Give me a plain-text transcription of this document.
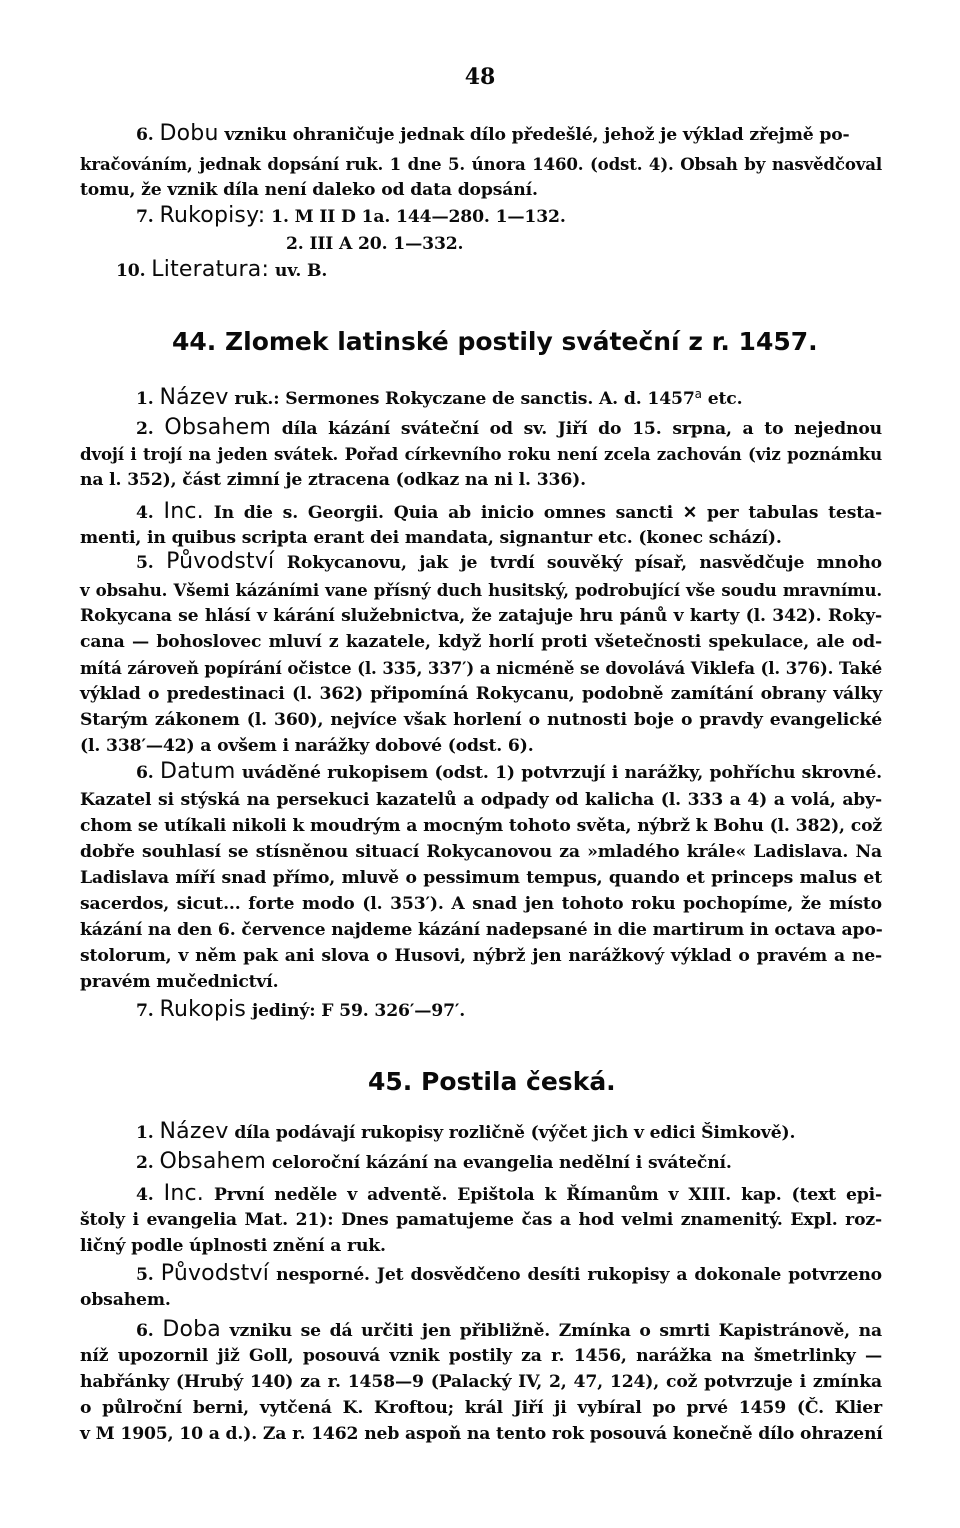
48
6. Dobu vzniku ohraničuje jednak dílo předešlé, jehož je výklad zřejmě po-
kračováním, jednak dopsání ruk. 1 dne 5. února 1460. (odst. 4). Obsah by nasvědčoval
tomu, že vznik díla není daleko od data dopsání.
7. Rukopisy: 1. M II D 1a. 144—280. 1—132.
2. III A 20. 1—332.
10. Literatura: uv. B.
44. Zlomek latinské postily sváteční z r. 1457.
1. Název ruk.: Sermones Rokyczane de sanctis. A. d. 1457$^a$ etc.
2. Obsahem díla kázání sváteční od sv. Jiří do 15. srpna, a to nejednou
dvojí i trojí na jeden svátek. Pořad církevního roku není zcela zachován (viz poznámku
na l. 352), část zimní je ztracena (odkaz na ni l. 336).
4. Inc. In die s. Georgii. Quia ab inicio omnes sancti ✕ per tabulas testa-
menti, in quibus scripta erant dei mandata, signantur etc. (konec schází).
5. Původství Rokycanovu, jak je tvrdí souvěký písař, nasvědčuje mnoho
v obsahu. Všemi kázáními vane přísný duch husitský, podrobující vše soudu mravnímu.
Rokycana se hlásí v kárání služebnictva, že zatajuje hru pánů v karty (l. 342). Roky-
cana — bohoslovec mluví z kazatele, když horlí proti všetečnosti spekulace, ale od-
mítá zároveň popírání očistce (l. 335, 337′) a nicméně se dovolává Viklefa (l. 376). Také
výklad o predestinaci (l. 362) připomíná Rokycanu, podobně zamítání obrany války
Starým zákonem (l. 360), nejvíce však horlení o nutnosti boje o pravdy evangelické
(l. 338′—42) a ovšem i narážky dobové (odst. 6).
6. Datum uváděné rukopisem (odst. 1) potvrzují i narážky, pohříchu skrovné.
Kazatel si stýská na persekuci kazatelů a odpady od kalicha (l. 333 a 4) a volá, aby-
chom se utíkali nikoli k moudrým a mocným tohoto světa, nýbrž k Bohu (l. 382), což
dobře souhlasí se stísněnou situací Rokycanovou za »mladého krále« Ladislava. Na
Ladislava míří snad přímo, mluvě o pessimum tempus, quando et princeps malus et
sacerdos, sicut... forte modo (l. 353′). A snad jen tohoto roku pochopíme, že místo
kázání na den 6. července najdeme kázání nadepsané in die martirum in octava apo-
stolorum, v něm pak ani slova o Husovi, nýbrž jen narážkový výklad o pravém a ne-
pravém mučednictví.
7. Rukopis jediný: F 59. 326′—97′.
45. Postila česká.
1. Název díla podávají rukopisy rozličně (výčet jich v edici Šimkově).
2. Obsahem celoroční kázání na evangelia nedělní i sváteční.
4. Inc. První neděle v adventě. Epištola k Římanům v XIII. kap. (text epi-
štoly i evangelia Mat. 21): Dnes pamatujeme čas a hod velmi znamenitý. Expl. roz-
ličný podle úplnosti znění a ruk.
5. Původství nesporné. Jet dosvědčeno desíti rukopisy a dokonale potvrzeno
obsahem.
6. Doba vzniku se dá určiti jen přibližně. Zmínka o smrti Kapistránově, na
níž upozornil již Goll, posouvá vznik postily za r. 1456, narážka na šmetrlinky —
habřánky (Hrubý 140) za r. 1458—9 (Palacký IV, 2, 47, 124), což potvrzuje i zmínka
o půlroční berni, vytčená K. Kroftou; král Jiří ji vybíral po prvé 1459 (Č. Klier
v M 1905, 10 a d.). Za r. 1462 neb aspoň na tento rok posouvá konečně dílo ohrazení
